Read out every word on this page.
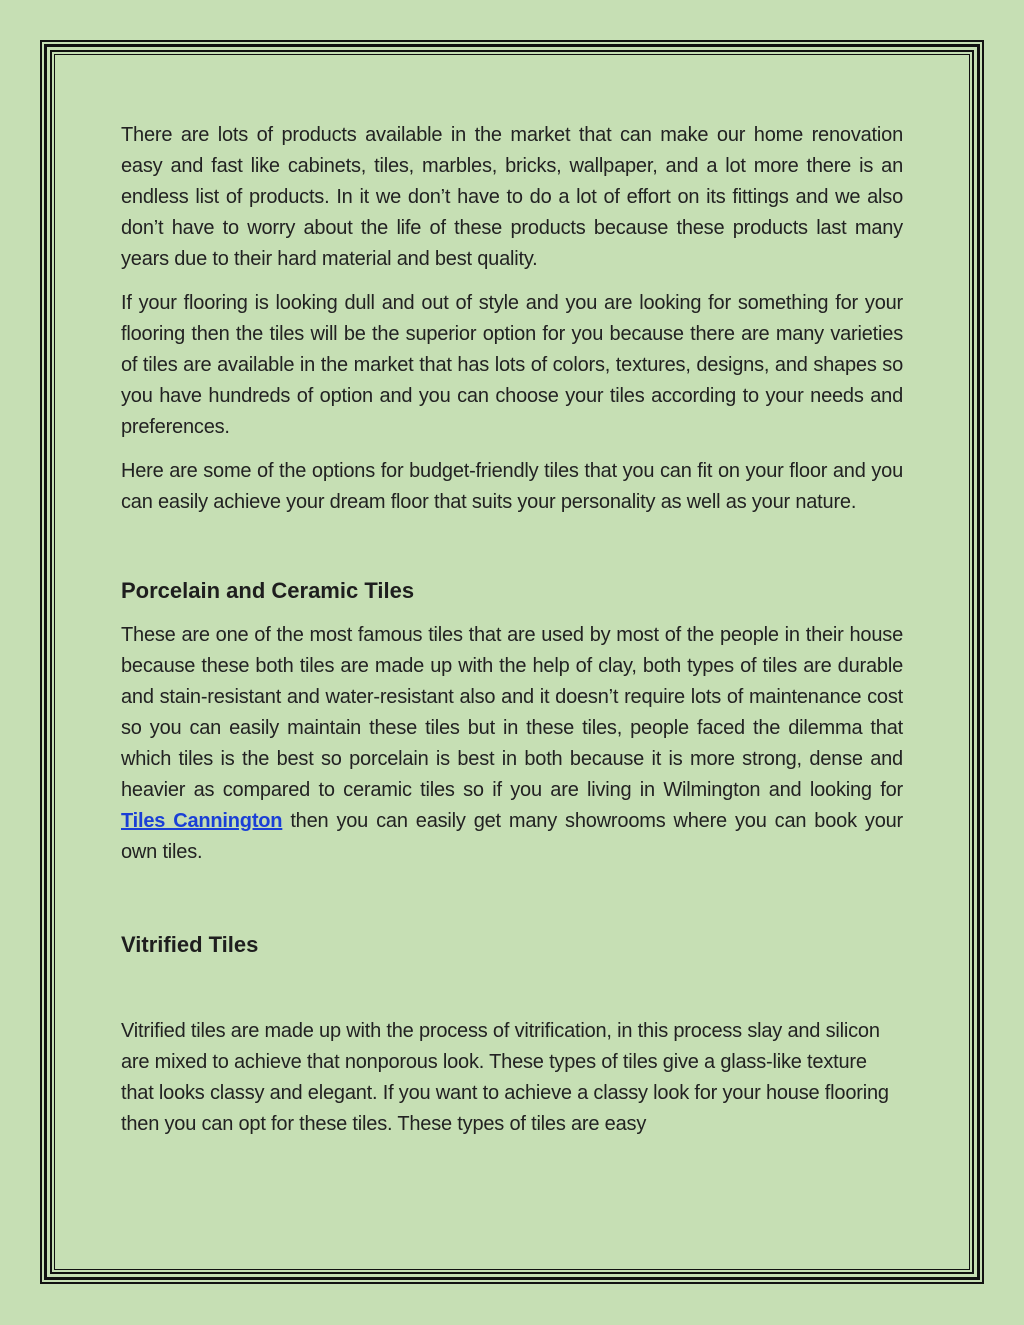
There are lots of products available in the market that can make our home renovation easy and fast like cabinets, tiles, marbles, bricks, wallpaper, and a lot more there is an endless list of products. In it we don’t have to do a lot of effort on its fittings and we also don’t have to worry about the life of these products because these products last many years due to their hard material and best quality.

If your flooring is looking dull and out of style and you are looking for something for your flooring then the tiles will be the superior option for you because there are many varieties of tiles are available in the market that has lots of colors, textures, designs, and shapes so you have hundreds of option and you can choose your tiles according to your needs and preferences.

Here are some of the options for budget-friendly tiles that you can fit on your floor and you can easily achieve your dream floor that suits your personality as well as your nature.

Porcelain and Ceramic Tiles

These are one of the most famous tiles that are used by most of the people in their house because these both tiles are made up with the help of clay, both types of tiles are durable and stain-resistant and water-resistant also and it doesn’t require lots of maintenance cost so you can easily maintain these tiles but in these tiles, people faced the dilemma that which tiles is the best so porcelain is best in both because it is more strong, dense and heavier as compared to ceramic tiles so if you are living in Wilmington and looking for Tiles Cannington then you can easily get many showrooms where you can book your own tiles.

Vitrified Tiles

Vitrified tiles are made up with the process of vitrification, in this process slay and silicon are mixed to achieve that nonporous look. These types of tiles give a glass-like texture that looks classy and elegant. If you want to achieve a classy look for your house flooring then you can opt for these tiles. These types of tiles are easy
